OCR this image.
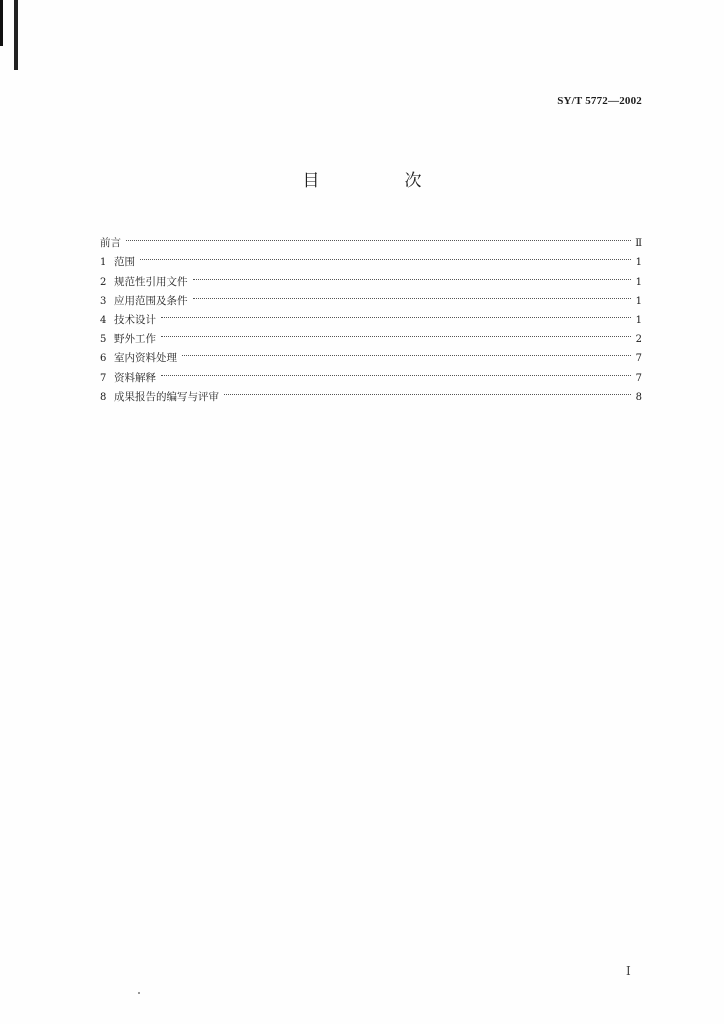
SY/T 5772—2002
目　次
前言	Ⅱ
1 范围	1
2 规范性引用文件	1
3 应用范围及条件	1
4 技术设计	1
5 野外工作	2
6 室内资料处理	7
7 资料解释	7
8 成果报告的编写与评审	8
I
